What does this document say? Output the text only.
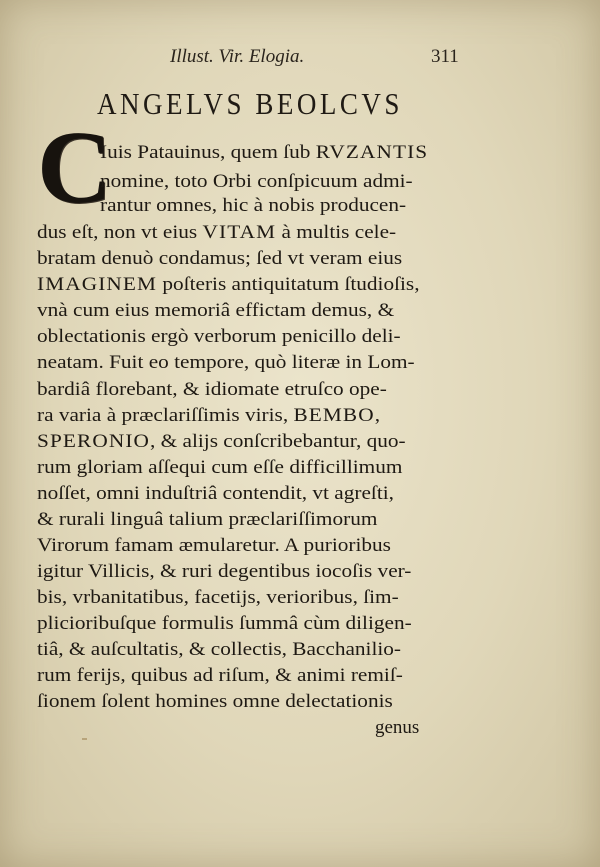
Illust. Vir. Elogia.	311
ANGELVS BEOLCVS
C
Iuis Patauinus, quem ſub RVZANTIS
nomine, toto Orbi conſpicuum admi-
rantur omnes, hic à nobis producen-
dus eſt, non vt eius VITAM à multis cele-
bratam denuò condamus; ſed vt veram eius
IMAGINEM poſteris antiquitatum ſtudioſis,
vnà cum eius memoriâ effictam demus, &
oblectationis ergò verborum penicillo deli-
neatam. Fuit eo tempore, quò literæ in Lom-
bardiâ florebant, & idiomate etruſco ope-
ra varia à præclariſſimis viris, BEMBO,
SPERONIO, & alijs conſcribebantur, quo-
rum gloriam aſſequi cum eſſe difficillimum
noſſet, omni induſtriâ contendit, vt agreſti,
& rurali linguâ talium præclariſſimorum
Virorum famam æmularetur. A purioribus
igitur Villicis, & ruri degentibus iocoſis ver-
bis, vrbanitatibus, facetijs, verioribus, ſim-
plicioribuſque formulis ſummâ cùm diligen-
tiâ, & auſcultatis, & collectis, Bacchanilio-
rum ferijs, quibus ad riſum, & animi remiſ-
ſionem ſolent homines omne delectationis
genus
